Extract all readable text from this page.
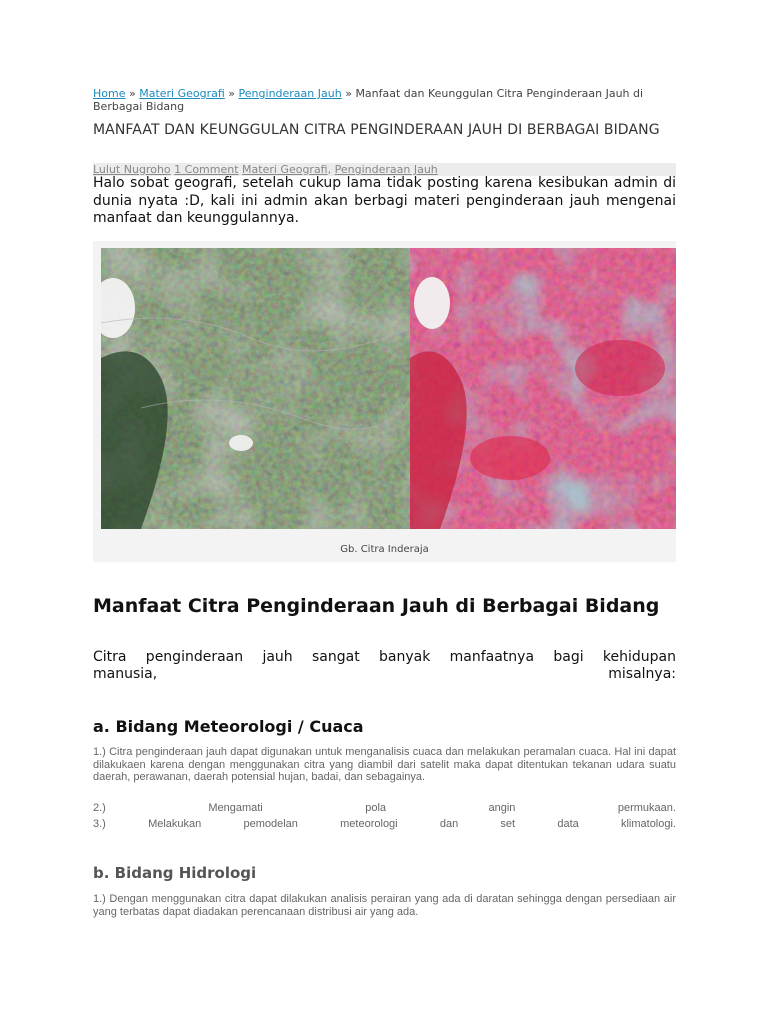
Home » Materi Geografi » Penginderaan Jauh » Manfaat dan Keunggulan Citra Penginderaan Jauh di Berbagai Bidang
MANFAAT DAN KEUNGGULAN CITRA PENGINDERAAN JAUH DI BERBAGAI BIDANG
Lulut Nugroho 1 Comment Materi Geografi, Penginderaan Jauh

Halo sobat geografi, setelah cukup lama tidak posting karena kesibukan admin di dunia nyata :D, kali ini admin akan berbagi materi penginderaan jauh mengenai manfaat dan keunggulannya.

Gb. Citra Inderaja
Manfaat Citra Penginderaan Jauh di Berbagai Bidang
Citra penginderaan jauh sangat banyak manfaatnya bagi kehidupan
manusia,	misalnya:
a. Bidang Meteorologi / Cuaca

1.) Citra penginderaan jauh dapat digunakan untuk menganalisis cuaca dan melakukan peramalan cuaca. Hal ini dapat dilakukaen karena dengan menggunakan citra yang diambil dari satelit maka dapat ditentukan tekanan udara suatu daerah, perawanan, daerah potensial hujan, badai, dan sebagainya.

2.)	Mengamati	pola	angin	permukaan.
3.)	Melakukan	pemodelan	meteorologi	dan	set	data	klimatologi.
b. Bidang Hidrologi

1.) Dengan menggunakan citra dapat dilakukan analisis perairan yang ada di daratan sehingga dengan persediaan air yang terbatas dapat diadakan perencanaan distribusi air yang ada.
